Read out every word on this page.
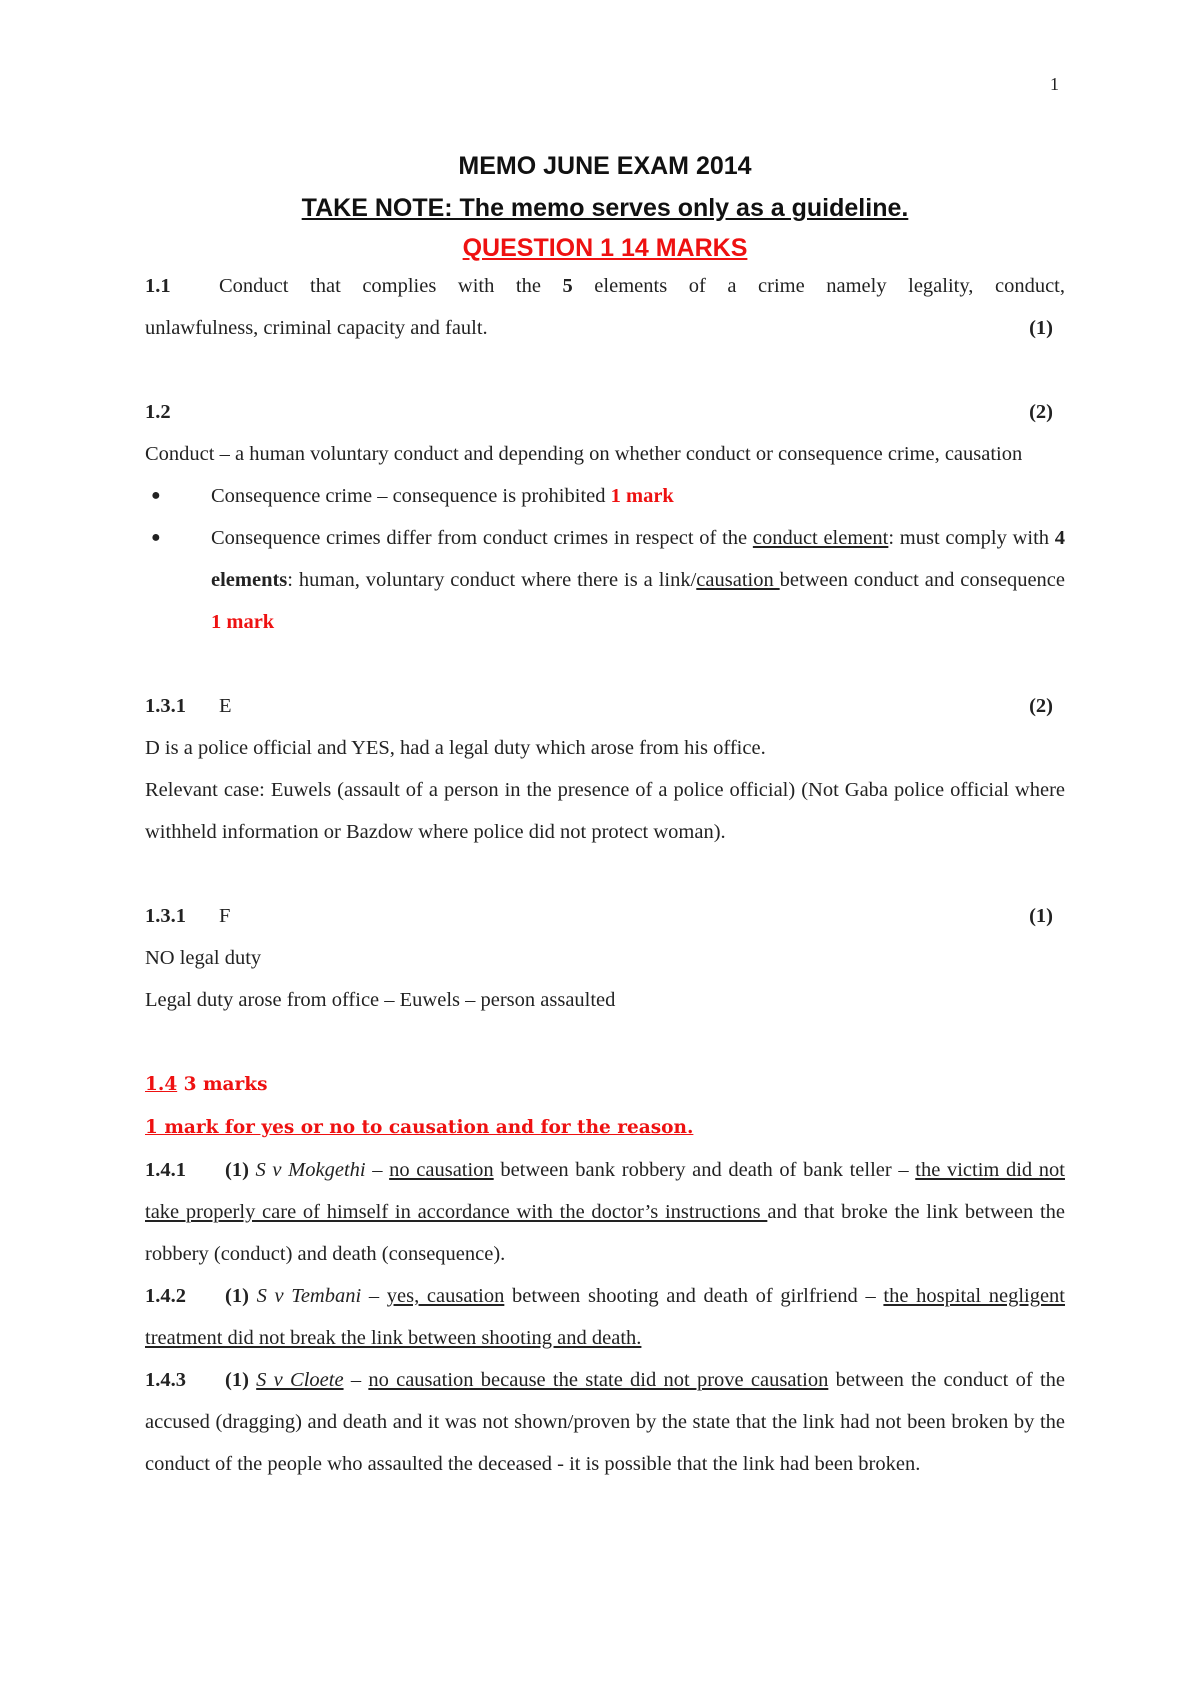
1
MEMO JUNE EXAM 2014
TAKE NOTE: The memo serves only as a guideline.
QUESTION 1 14 MARKS

1.1 Conduct that complies with the 5 elements of a crime namely legality, conduct,

unlawfulness, criminal capacity and fault.	(1)
1.2	(2)

Conduct – a human voluntary conduct and depending on whether conduct or consequence crime, causation

●	Consequence crime – consequence is prohibited 1 mark
●	Consequence crimes differ from conduct crimes in respect of the conduct element: must comply with 4 elements: human, voluntary conduct where there is a link/causation between conduct and consequence 1 mark
1.3.1 E	(2)

D is a police official and YES, had a legal duty which arose from his office.

Relevant case: Euwels (assault of a person in the presence of a police official) (Not Gaba police official where withheld information or Bazdow where police did not protect woman).

1.3.1 F	(1)

NO legal duty

Legal duty arose from office – Euwels – person assaulted

1.4 3 marks

1 mark for yes or no to causation and for the reason.

1.4.1 (1) S v Mokgethi – no causation between bank robbery and death of bank teller – the victim did not take properly care of himself in accordance with the doctor’s instructions and that broke the link between the robbery (conduct) and death (consequence).

1.4.2 (1) S v Tembani – yes, causation between shooting and death of girlfriend – the hospital negligent treatment did not break the link between shooting and death.

1.4.3 (1) S v Cloete – no causation because the state did not prove causation between the conduct of the accused (dragging) and death and it was not shown/proven by the state that the link had not been broken by the conduct of the people who assaulted the deceased - it is possible that the link had been broken.
